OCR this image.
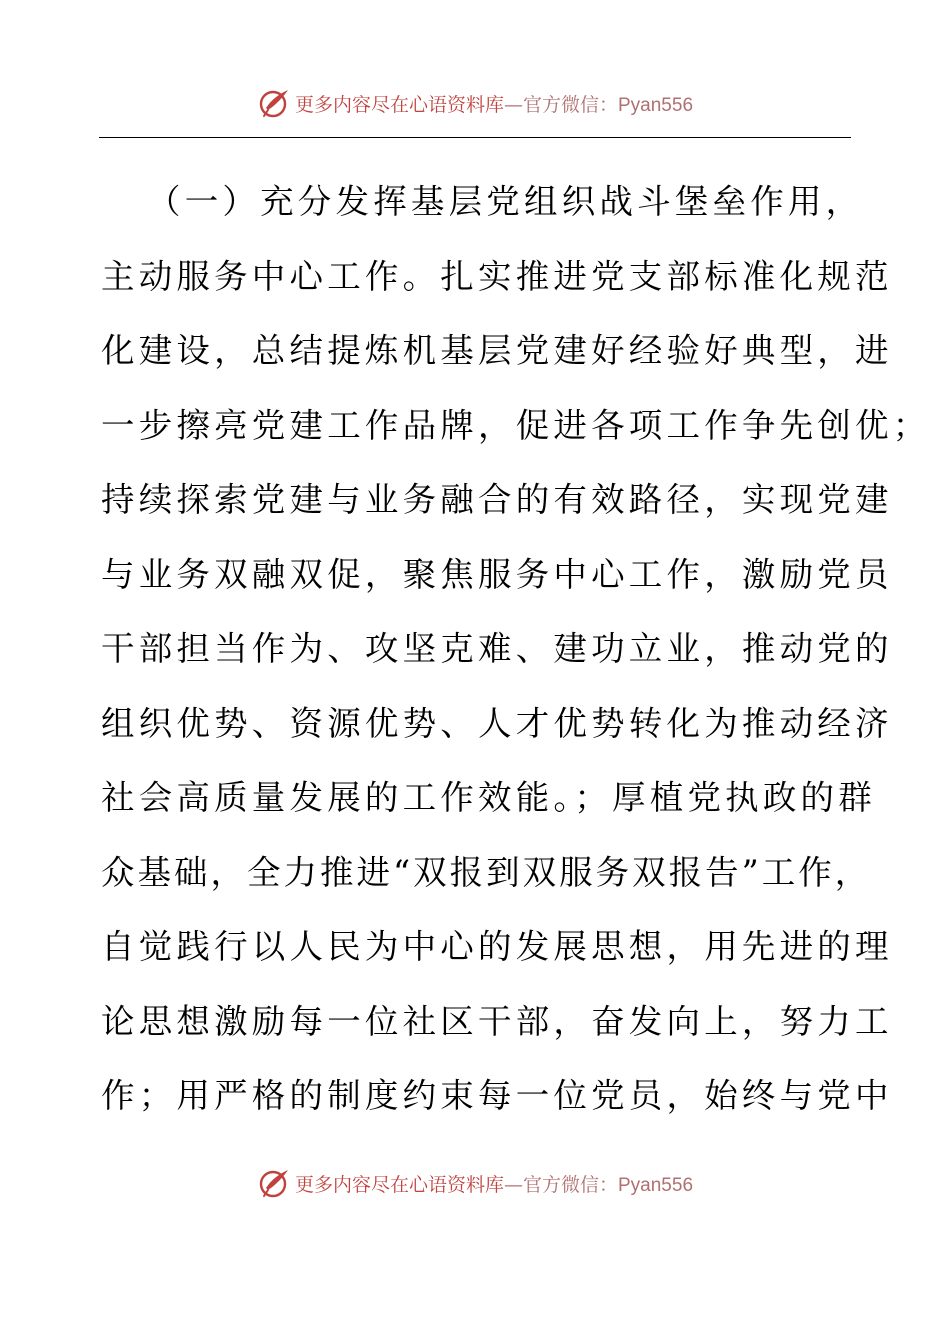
更多内容尽在心语资料库—官方微信：Pyan556
（一）充分发挥基层党组织战斗堡垒作用，
主动服务中心工作。扎实推进党支部标准化规范
化建设，总结提炼机基层党建好经验好典型，进
一步擦亮党建工作品牌，促进各项工作争先创优；
持续探索党建与业务融合的有效路径，实现党建
与业务双融双促，聚焦服务中心工作，激励党员
干部担当作为、攻坚克难、建功立业，推动党的
组织优势、资源优势、人才优势转化为推动经济
社会高质量发展的工作效能。；厚植党执政的群
众基础，全力推进“双报到双服务双报告”工作，
自觉践行以人民为中心的发展思想，用先进的理
论思想激励每一位社区干部，奋发向上，努力工
作；用严格的制度约束每一位党员，始终与党中
更多内容尽在心语资料库—官方微信：Pyan556
